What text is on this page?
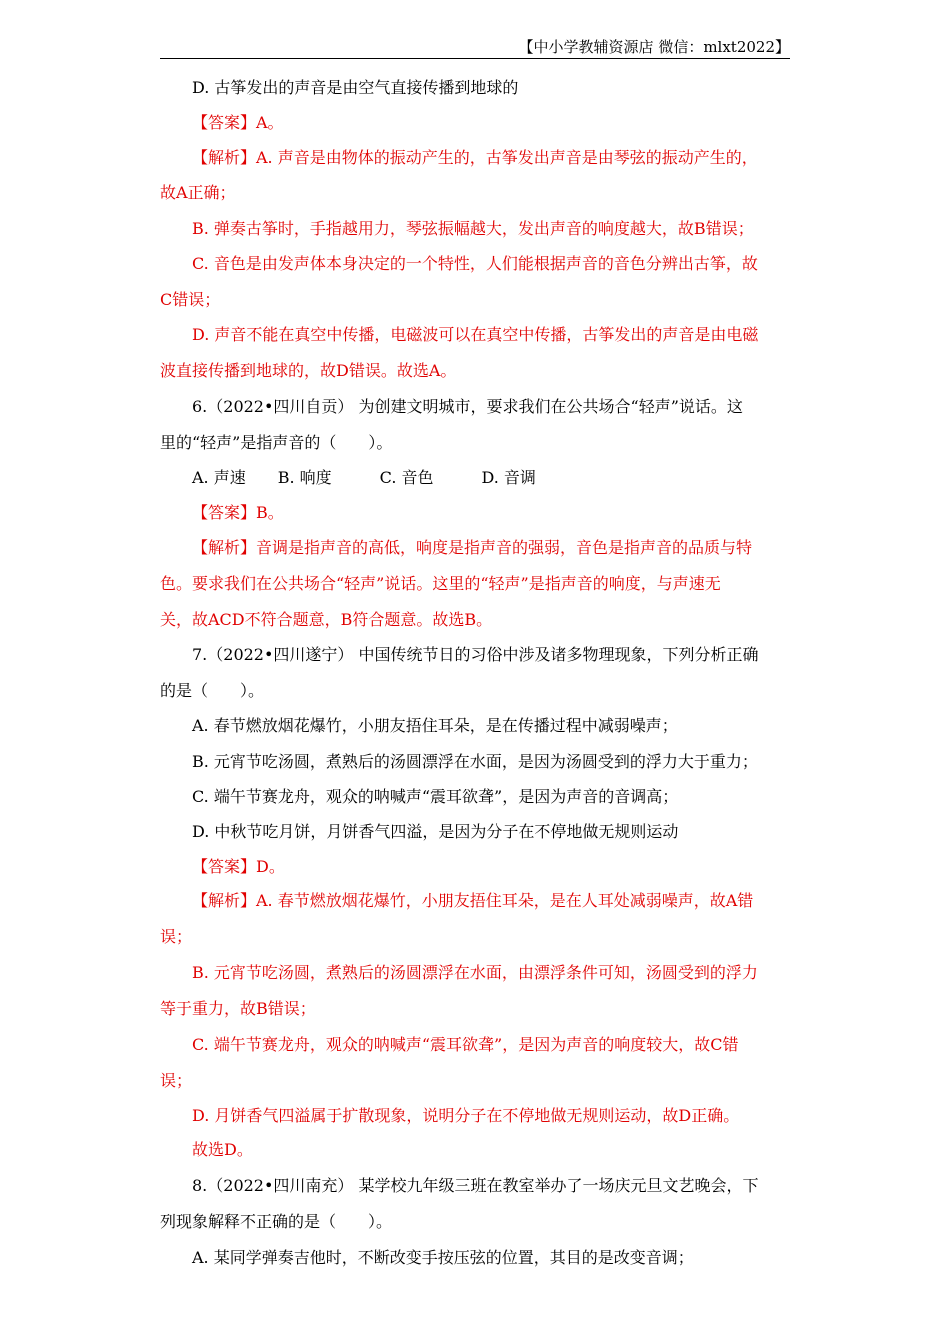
【中小学教辅资源店 微信：mlxt2022】
D. 古筝发出的声音是由空气直接传播到地球的
【答案】A。
【解析】A. 声音是由物体的振动产生的，古筝发出声音是由琴弦的振动产生的，
故A正确；
B. 弹奏古筝时，手指越用力，琴弦振幅越大，发出声音的响度越大，故B错误；
C. 音色是由发声体本身决定的一个特性，人们能根据声音的音色分辨出古筝，故
C错误；
D. 声音不能在真空中传播，电磁波可以在真空中传播，古筝发出的声音是由电磁
波直接传播到地球的，故D错误。故选A。
6.（2022•四川自贡） 为创建文明城市，要求我们在公共场合“轻声”说话。这
里的“轻声”是指声音的（　　）。
A. 声速　　B. 响度　　　C. 音色　　　D. 音调
【答案】B。
【解析】音调是指声音的高低，响度是指声音的强弱，音色是指声音的品质与特
色。要求我们在公共场合“轻声”说话。这里的“轻声”是指声音的响度，与声速无
关，故ACD不符合题意，B符合题意。故选B。
7.（2022•四川遂宁） 中国传统节日的习俗中涉及诸多物理现象，下列分析正确
的是（　　）。
A. 春节燃放烟花爆竹，小朋友捂住耳朵，是在传播过程中减弱噪声；
B. 元宵节吃汤圆，煮熟后的汤圆漂浮在水面，是因为汤圆受到的浮力大于重力；
C. 端午节赛龙舟，观众的呐喊声“震耳欲聋”，是因为声音的音调高；
D. 中秋节吃月饼，月饼香气四溢，是因为分子在不停地做无规则运动
【答案】D。
【解析】A. 春节燃放烟花爆竹，小朋友捂住耳朵，是在人耳处减弱噪声，故A错
误；
B. 元宵节吃汤圆，煮熟后的汤圆漂浮在水面，由漂浮条件可知，汤圆受到的浮力
等于重力，故B错误；
C. 端午节赛龙舟，观众的呐喊声“震耳欲聋”，是因为声音的响度较大，故C错
误；
D. 月饼香气四溢属于扩散现象，说明分子在不停地做无规则运动，故D正确。
故选D。
8.（2022•四川南充） 某学校九年级三班在教室举办了一场庆元旦文艺晚会，下
列现象解释不正确的是（　　）。
A. 某同学弹奏吉他时，不断改变手按压弦的位置，其目的是改变音调；
